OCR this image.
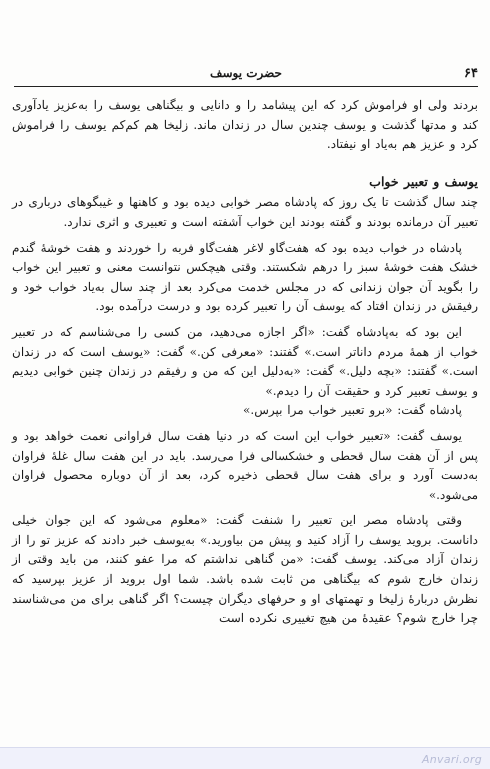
۶۴
حضرت یوسف

بردند ولی او فراموش کرد که این پیشامد را و دانایی و بیگناهی یوسف را به‌عزیز یادآوری کند و مدتها گذشت و یوسف چندین سال در زندان ماند. زلیخا هم کم‌کم یوسف را فراموش کرد و عزیز هم به‌یاد او نیفتاد.

یوسف و تعبیر خواب

چند سال گذشت تا یک روز که پادشاه مصر خوابی دیده بود و کاهنها و غیبگوهای درباری در تعبیر آن درمانده بودند و گفته بودند این خواب آشفته است و تعبیری و اثری ندارد.

پادشاه در خواب دیده بود که هفت‌گاو لاغر هفت‌گاو فربه را خوردند و هفت خوشهٔ گندم خشک هفت خوشهٔ سبز را درهم شکستند. وقتی هیچکس نتوانست معنی و تعبیر این خواب را بگوید آن جوان زندانی که در مجلس خدمت می‌کرد بعد از چند سال به‌یاد خواب خود و رفیقش در زندان افتاد که یوسف آن را تعبیر کرده بود و درست درآمده بود.

این بود که به‌پادشاه گفت: «اگر اجازه می‌دهید، من کسی را می‌شناسم که در تعبیر خواب از همهٔ مردم داناتر است.» گفتند: «معرفی کن.» گفت: «یوسف است که در زندان است.» گفتند: «بچه دلیل.» گفت: «به‌دلیل این که من و رفیقم در زندان چنین خوابی دیدیم و یوسف تعبیر کرد و حقیقت آن را دیدم.»

پادشاه گفت: «برو تعبیر خواب مرا بپرس.»

یوسف گفت: «تعبیر خواب این است که در دنیا هفت سال فراوانی نعمت خواهد بود و پس از آن هفت سال قحطی و خشکسالی فرا می‌رسد. باید در این هفت سال غلهٔ فراوان به‌دست آورد و برای هفت سال قحطی ذخیره کرد، بعد از آن دوباره محصول فراوان می‌شود.»

وقتی پادشاه مصر این تعبیر را شنفت گفت: «معلوم می‌شود که این جوان خیلی داناست. بروید یوسف را آزاد کنید و پیش من بیاورید.» به‌یوسف خبر دادند که عزیز تو را از زندان آزاد می‌کند. یوسف گفت: «من گناهی نداشتم که مرا عفو کنند، من باید وقتی از زندان خارج شوم که بیگناهی من ثابت شده باشد. شما اول بروید از عزیز بپرسید که نظرش دربارهٔ زلیخا و تهمتهای او و حرفهای دیگران چیست؟ اگر گناهی برای من می‌شناسند چرا خارج شوم؟ عقیدهٔ من هیچ تغییری نکرده است

Anvari.org
